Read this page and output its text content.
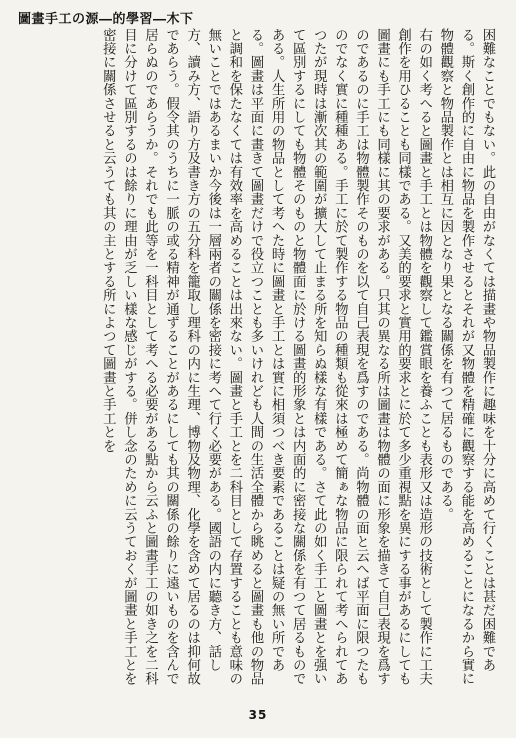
圖畫手工の源―的學習―木下

困難なことでもない。此の自由がなくては描畫や物品製作に趣味を十分に高めて行くことは甚だ困難である。斯く創作的に自由に物品を製作させるとそれが又物體を精確に觀察する能を高めることになるから實に物體觀察と物品製作とは相互に因となり果となる關係を有つて居るものである。

右の如く考へると圖畫と手工とは物體を觀察して鑑賞眼を養ふことも表形又は造形の技術として製作に工夫創作を用ひることも同樣である。又美的要求と實用的要求とに於て多少重視點を異にする事があるにしても圖畫にも手工にも同樣に其の要求がある。只其の異なる所は圖畫は物體の面に形象を描きて自己表現を爲すのであるのに手工は物體製作そのものを以て自己表現を爲すのである。尚物體の面と云へば平面に限つたものでなく實に種種ある。手工に於て製作する物品の種類も從來は極めて簡ぁな物品に限られて考へられてあつたが現時は漸次其の範圍が擴大して止まる所を知らぬ樣な有樣である。さて此の如く手工と圖畫とを强いて區別するにしても物體そのものと物體面に於ける圖畫的形象とは内面的に密接な關係を有つて居るものである。人生所用の物品として考へた時に圖畫と手工とは實に相須つべき要素であることは疑の無い所である。圖畫は平面に畫きて圖畫だけで役立つことも多いけれども人間の生活全體から眺めると圖畫も他の物品と調和を保たなくては有效率を高めることは出來ない。圖畫と手工とを二科目として存置することも意味の無いことではあるまいか今後は一層兩者の關係を密接に考へて行く必要がある。國語の内に聽き方、話し方、讀み方、語り方及書き方の五分科を籠取し理科の内に生理、博物及物理、化學を含めて居るのは抑何故であらう。假令其のうちに一脈の或る精神が通ずることがあるにしても其の關係の餘りに遠いものを含んで居らぬのであらうか。それでも此等を一科目として考へる必要がある點から云ふと圖畫手工の如き之を二科目に分けて區別するのは餘りに理由が乏しい樣な感じがする。併し念のために云うておくが圖畫と手工とを密接に關係させると云うても其の主とする所によつて圖畫と手工とを

35
